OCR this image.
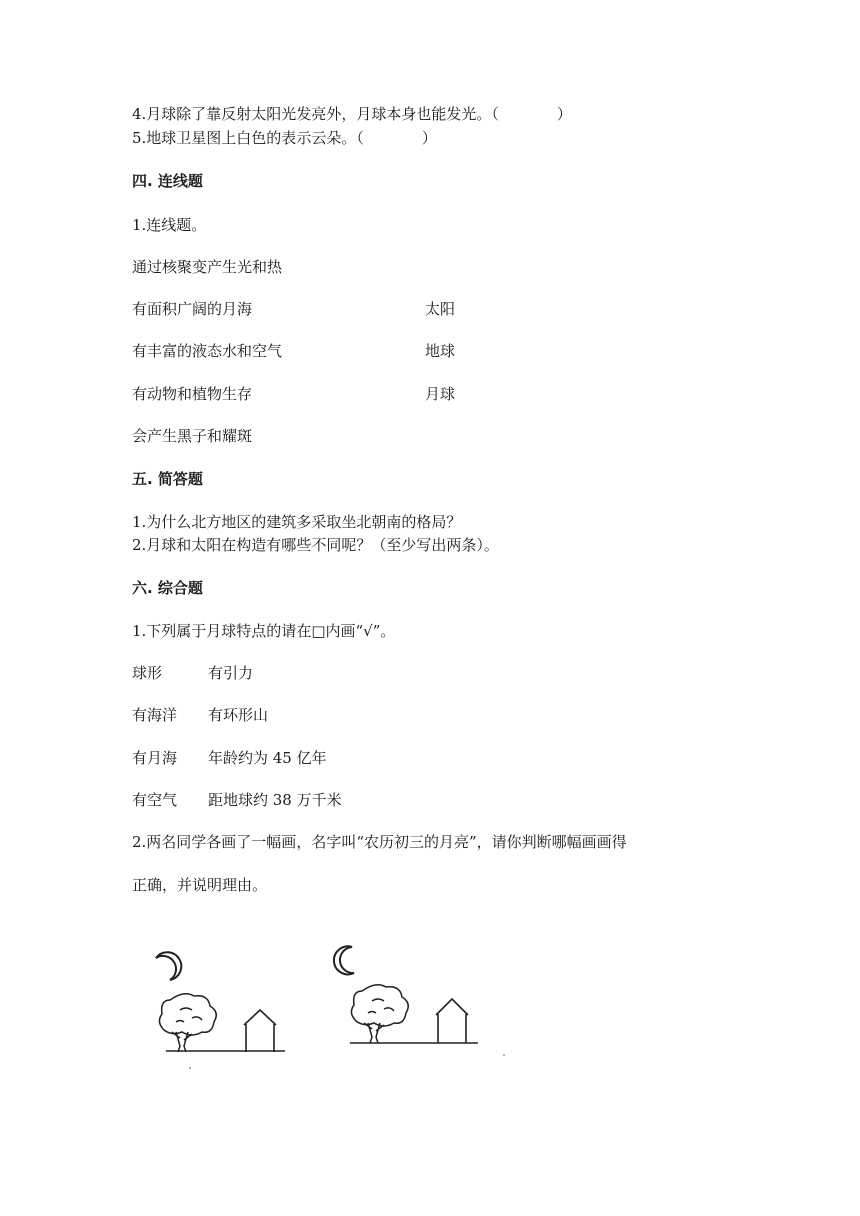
4.月球除了靠反射太阳光发亮外，月球本身也能发光。（	）
5.地球卫星图上白色的表示云朵。（	）
四. 连线题
1.连线题。
通过核聚变产生光和热
有面积广阔的月海
有丰富的液态水和空气
有动物和植物生存
会产生黑子和耀斑
太阳
地球
月球
五. 简答题
1.为什么北方地区的建筑多采取坐北朝南的格局？
2.月球和太阳在构造有哪些不同呢？（至少写出两条）。
六. 综合题
1.下列属于月球特点的请在□内画“√”。
球形	有引力
有海洋 有环形山
有月海 年龄约为 45 亿年
有空气 距地球约 38 万千米
2.两名同学各画了一幅画，名字叫“农历初三的月亮”，请你判断哪幅画画得
正确，并说明理由。
